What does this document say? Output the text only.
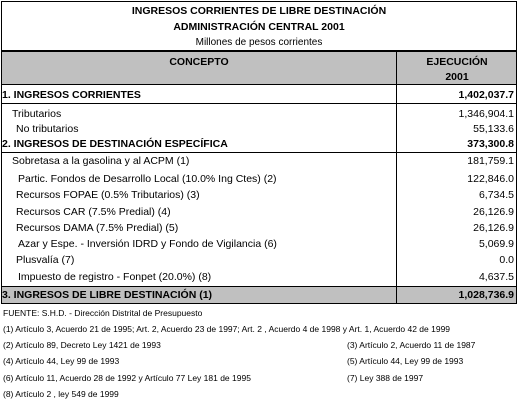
INGRESOS CORRIENTES DE LIBRE DESTINACIÓN
ADMINISTRACIÓN CENTRAL 2001
Millones de pesos corrientes
CONCEPTO	EJECUCIÓN
2001
1. INGRESOS CORRIENTES	1,402,037.7
Tributarios	1,346,904.1
No tributarios	55,133.6
2. INGRESOS DE DESTINACIÓN ESPECÍFICA	373,300.8
Sobretasa a la gasolina y al ACPM (1)	181,759.1
Partic. Fondos de Desarrollo Local (10.0% Ing Ctes) (2)	122,846.0
Recursos FOPAE (0.5% Tributarios) (3)	6,734.5
Recursos CAR (7.5% Predial) (4)	26,126.9
Recursos DAMA (7.5% Predial) (5)	26,126.9
Azar y Espe. - Inversión IDRD y Fondo de Vigilancia (6)	5,069.9
Plusvalía (7)	0.0
Impuesto de registro - Fonpet (20.0%) (8)	4,637.5
3. INGRESOS DE LIBRE DESTINACIÓN (1)	1,028,736.9
FUENTE: S.H.D. - Dirección Distrital de Presupuesto
(1) Artículo 3, Acuerdo 21 de 1995; Art. 2, Acuerdo 23 de 1997; Art. 2 , Acuerdo 4 de 1998 y Art. 1, Acuerdo 42 de 1999
(2) Artículo 89, Decreto Ley 1421 de 1993	(3) Artículo 2, Acuerdo 11 de 1987
(4) Artículo 44, Ley 99 de 1993	(5) Artículo 44, Ley 99 de 1993
(6) Artículo 11, Acuerdo 28 de 1992 y Artículo 77 Ley 181 de 1995	(7) Ley 388 de 1997
(8) Artículo 2 , ley 549 de 1999
